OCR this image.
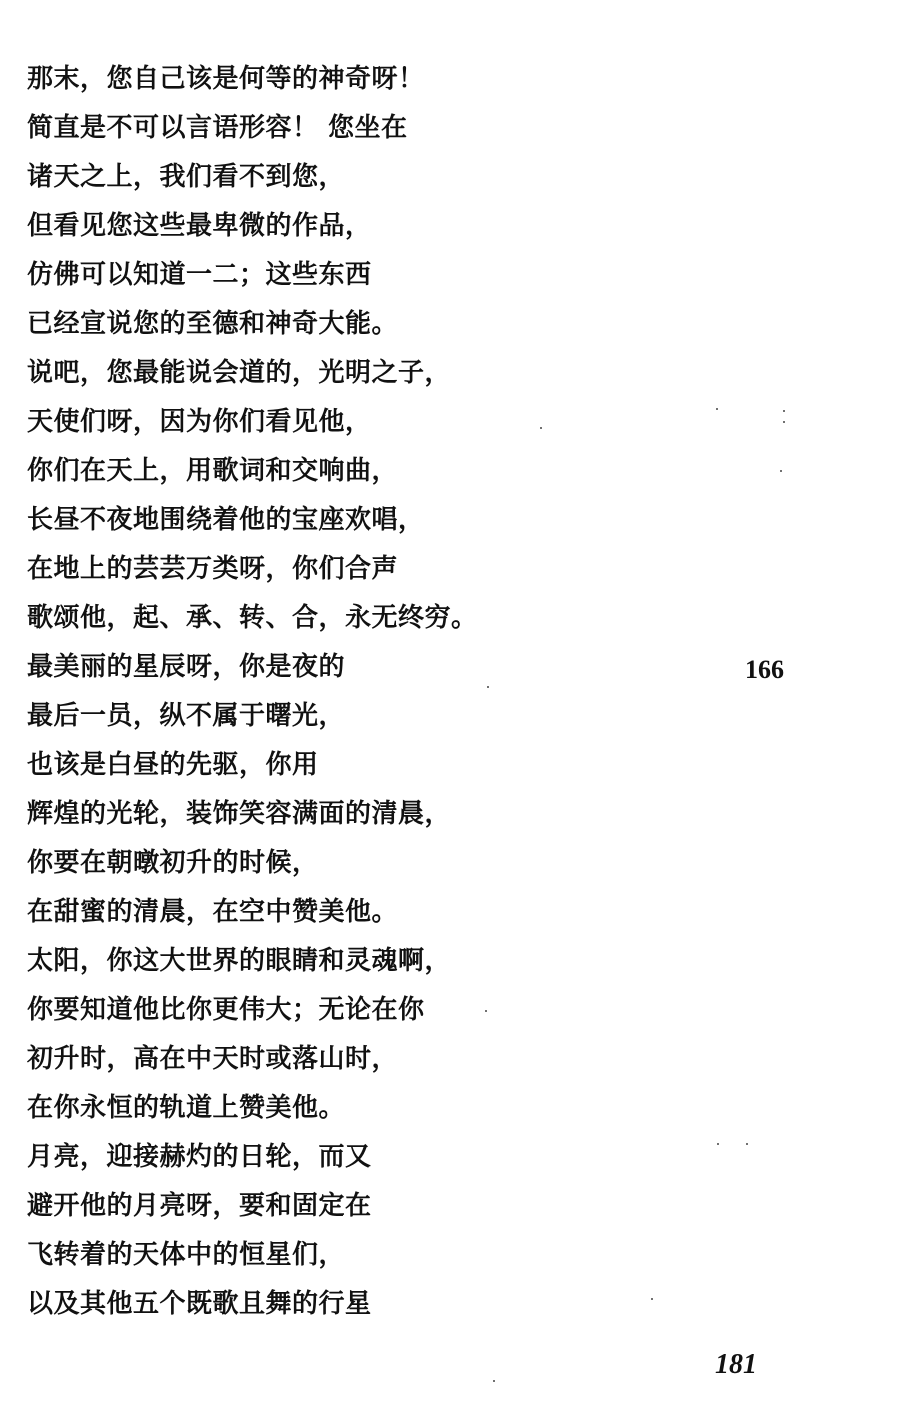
那末，您自己该是何等的神奇呀！
简直是不可以言语形容！ 您坐在
诸天之上，我们看不到您，
但看见您这些最卑微的作品，
仿佛可以知道一二；这些东西
已经宣说您的至德和神奇大能。
说吧，您最能说会道的，光明之子，
天使们呀，因为你们看见他，
你们在天上，用歌词和交响曲，
长昼不夜地围绕着他的宝座欢唱，
在地上的芸芸万类呀，你们合声
歌颂他，起、承、转、合，永无终穷。
最美丽的星辰呀，你是夜的
最后一员，纵不属于曙光，
也该是白昼的先驱，你用
辉煌的光轮，装饰笑容满面的清晨，
你要在朝暾初升的时候，
在甜蜜的清晨，在空中赞美他。
太阳，你这大世界的眼睛和灵魂啊，
你要知道他比你更伟大；无论在你
初升时，高在中天时或落山时，
在你永恒的轨道上赞美他。
月亮，迎接赫灼的日轮，而又
避开他的月亮呀，要和固定在
飞转着的天体中的恒星们，
以及其他五个既歌且舞的行星
166
181
